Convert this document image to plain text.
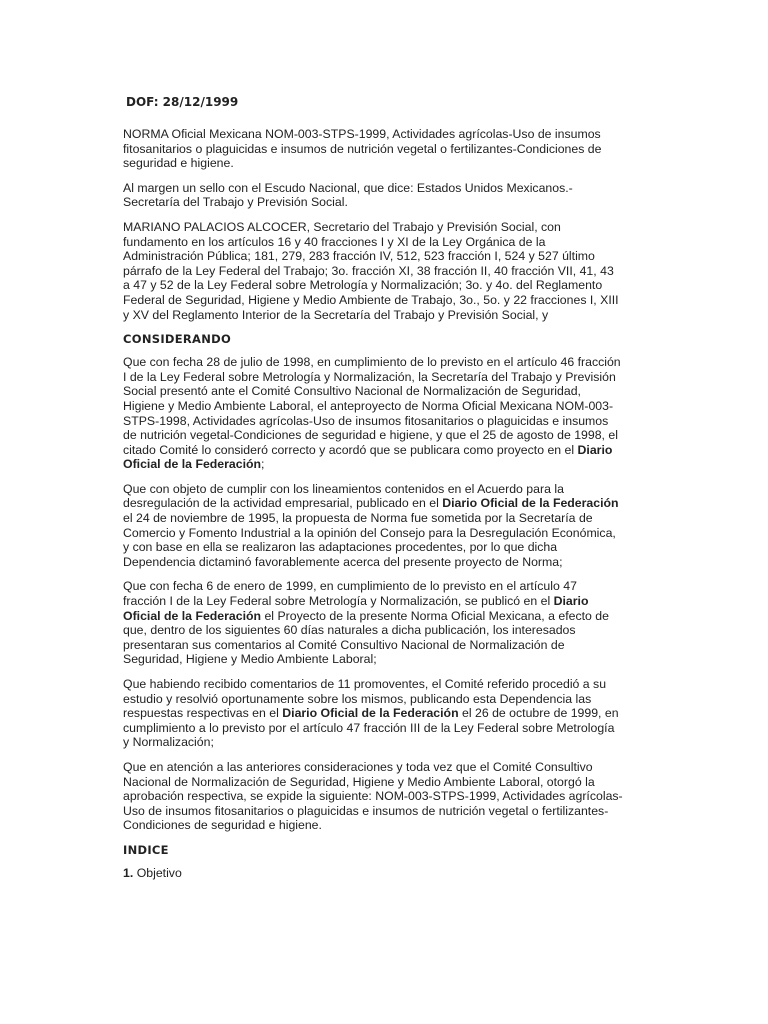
DOF: 28/12/1999

NORMA Oficial Mexicana NOM-003-STPS-1999, Actividades agrícolas-Uso de insumos fitosanitarios o plaguicidas e insumos de nutrición vegetal o fertilizantes-Condiciones de seguridad e higiene.

Al margen un sello con el Escudo Nacional, que dice: Estados Unidos Mexicanos.- Secretaría del Trabajo y Previsión Social.

MARIANO PALACIOS ALCOCER, Secretario del Trabajo y Previsión Social, con fundamento en los artículos 16 y 40 fracciones I y XI de la Ley Orgánica de la Administración Pública; 181, 279, 283 fracción IV, 512, 523 fracción I, 524 y 527 último párrafo de la Ley Federal del Trabajo; 3o. fracción XI, 38 fracción II, 40 fracción VII, 41, 43 a 47 y 52 de la Ley Federal sobre Metrología y Normalización; 3o. y 4o. del Reglamento Federal de Seguridad, Higiene y Medio Ambiente de Trabajo, 3o., 5o. y 22 fracciones I, XIII y XV del Reglamento Interior de la Secretaría del Trabajo y Previsión Social, y

CONSIDERANDO

Que con fecha 28 de julio de 1998, en cumplimiento de lo previsto en el artículo 46 fracción I de la Ley Federal sobre Metrología y Normalización, la Secretaría del Trabajo y Previsión Social presentó ante el Comité Consultivo Nacional de Normalización de Seguridad, Higiene y Medio Ambiente Laboral, el anteproyecto de Norma Oficial Mexicana NOM-003-STPS-1998, Actividades agrícolas-Uso de insumos fitosanitarios o plaguicidas e insumos de nutrición vegetal-Condiciones de seguridad e higiene, y que el 25 de agosto de 1998, el citado Comité lo consideró correcto y acordó que se publicara como proyecto en el Diario Oficial de la Federación;

Que con objeto de cumplir con los lineamientos contenidos en el Acuerdo para la desregulación de la actividad empresarial, publicado en el Diario Oficial de la Federación el 24 de noviembre de 1995, la propuesta de Norma fue sometida por la Secretaría de Comercio y Fomento Industrial a la opinión del Consejo para la Desregulación Económica, y con base en ella se realizaron las adaptaciones procedentes, por lo que dicha Dependencia dictaminó favorablemente acerca del presente proyecto de Norma;

Que con fecha 6 de enero de 1999, en cumplimiento de lo previsto en el artículo 47 fracción I de la Ley Federal sobre Metrología y Normalización, se publicó en el Diario Oficial de la Federación el Proyecto de la presente Norma Oficial Mexicana, a efecto de que, dentro de los siguientes 60 días naturales a dicha publicación, los interesados presentaran sus comentarios al Comité Consultivo Nacional de Normalización de Seguridad, Higiene y Medio Ambiente Laboral;

Que habiendo recibido comentarios de 11 promoventes, el Comité referido procedió a su estudio y resolvió oportunamente sobre los mismos, publicando esta Dependencia las respuestas respectivas en el Diario Oficial de la Federación el 26 de octubre de 1999, en cumplimiento a lo previsto por el artículo 47 fracción III de la Ley Federal sobre Metrología y Normalización;

Que en atención a las anteriores consideraciones y toda vez que el Comité Consultivo Nacional de Normalización de Seguridad, Higiene y Medio Ambiente Laboral, otorgó la aprobación respectiva, se expide la siguiente: NOM-003-STPS-1999, Actividades agrícolas-Uso de insumos fitosanitarios o plaguicidas e insumos de nutrición vegetal o fertilizantes-Condiciones de seguridad e higiene.

INDICE
1. Objetivo
